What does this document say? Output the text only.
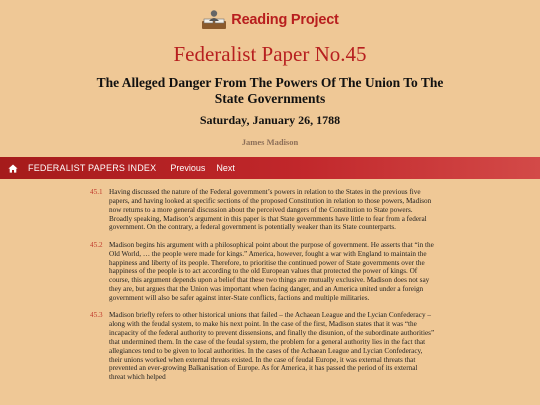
Reading Project
Federalist Paper No.45
The Alleged Danger From The Powers Of The Union To The State Governments
Saturday, January 26, 1788
James Madison
FEDERALIST PAPERS INDEX Previous Next
45.1 Having discussed the nature of the Federal government’s powers in relation to the States in the previous five papers, and having looked at specific sections of the proposed Constitution in relation to those powers, Madison now returns to a more general discussion about the perceived dangers of the Constitution to State powers. Broadly speaking, Madison’s argument in this paper is that State governments have little to fear from a federal government. On the contrary, a federal government is potentially weaker than its State counterparts.
45.2 Madison begins his argument with a philosophical point about the purpose of government. He asserts that “in the Old World, … the people were made for kings.” America, however, fought a war with England to maintain the happiness and liberty of its people. Therefore, to prioritise the continued power of State governments over the happiness of the people is to act according to the old European values that protected the power of kings. Of course, this argument depends upon a belief that these two things are mutually exclusive. Madison does not say they are, but argues that the Union was important when facing danger, and an America united under a foreign government will also be safer against inter-State conflicts, factions and multiple militaries.
45.3 Madison briefly refers to other historical unions that failed – the Achaean League and the Lycian Confederacy – along with the feudal system, to make his next point. In the case of the first, Madison states that it was “the incapacity of the federal authority to prevent dissensions, and finally the disunion, of the subordinate authorities” that undermined them. In the case of the feudal system, the problem for a general authority lies in the fact that allegiances tend to be given to local authorities. In the cases of the Achaean League and Lycian Confederacy, their unions worked when external threats existed. In the case of feudal Europe, it was external threats that prevented an ever-growing Balkanisation of Europe. As for America, it has passed the period of its external threat which helped
